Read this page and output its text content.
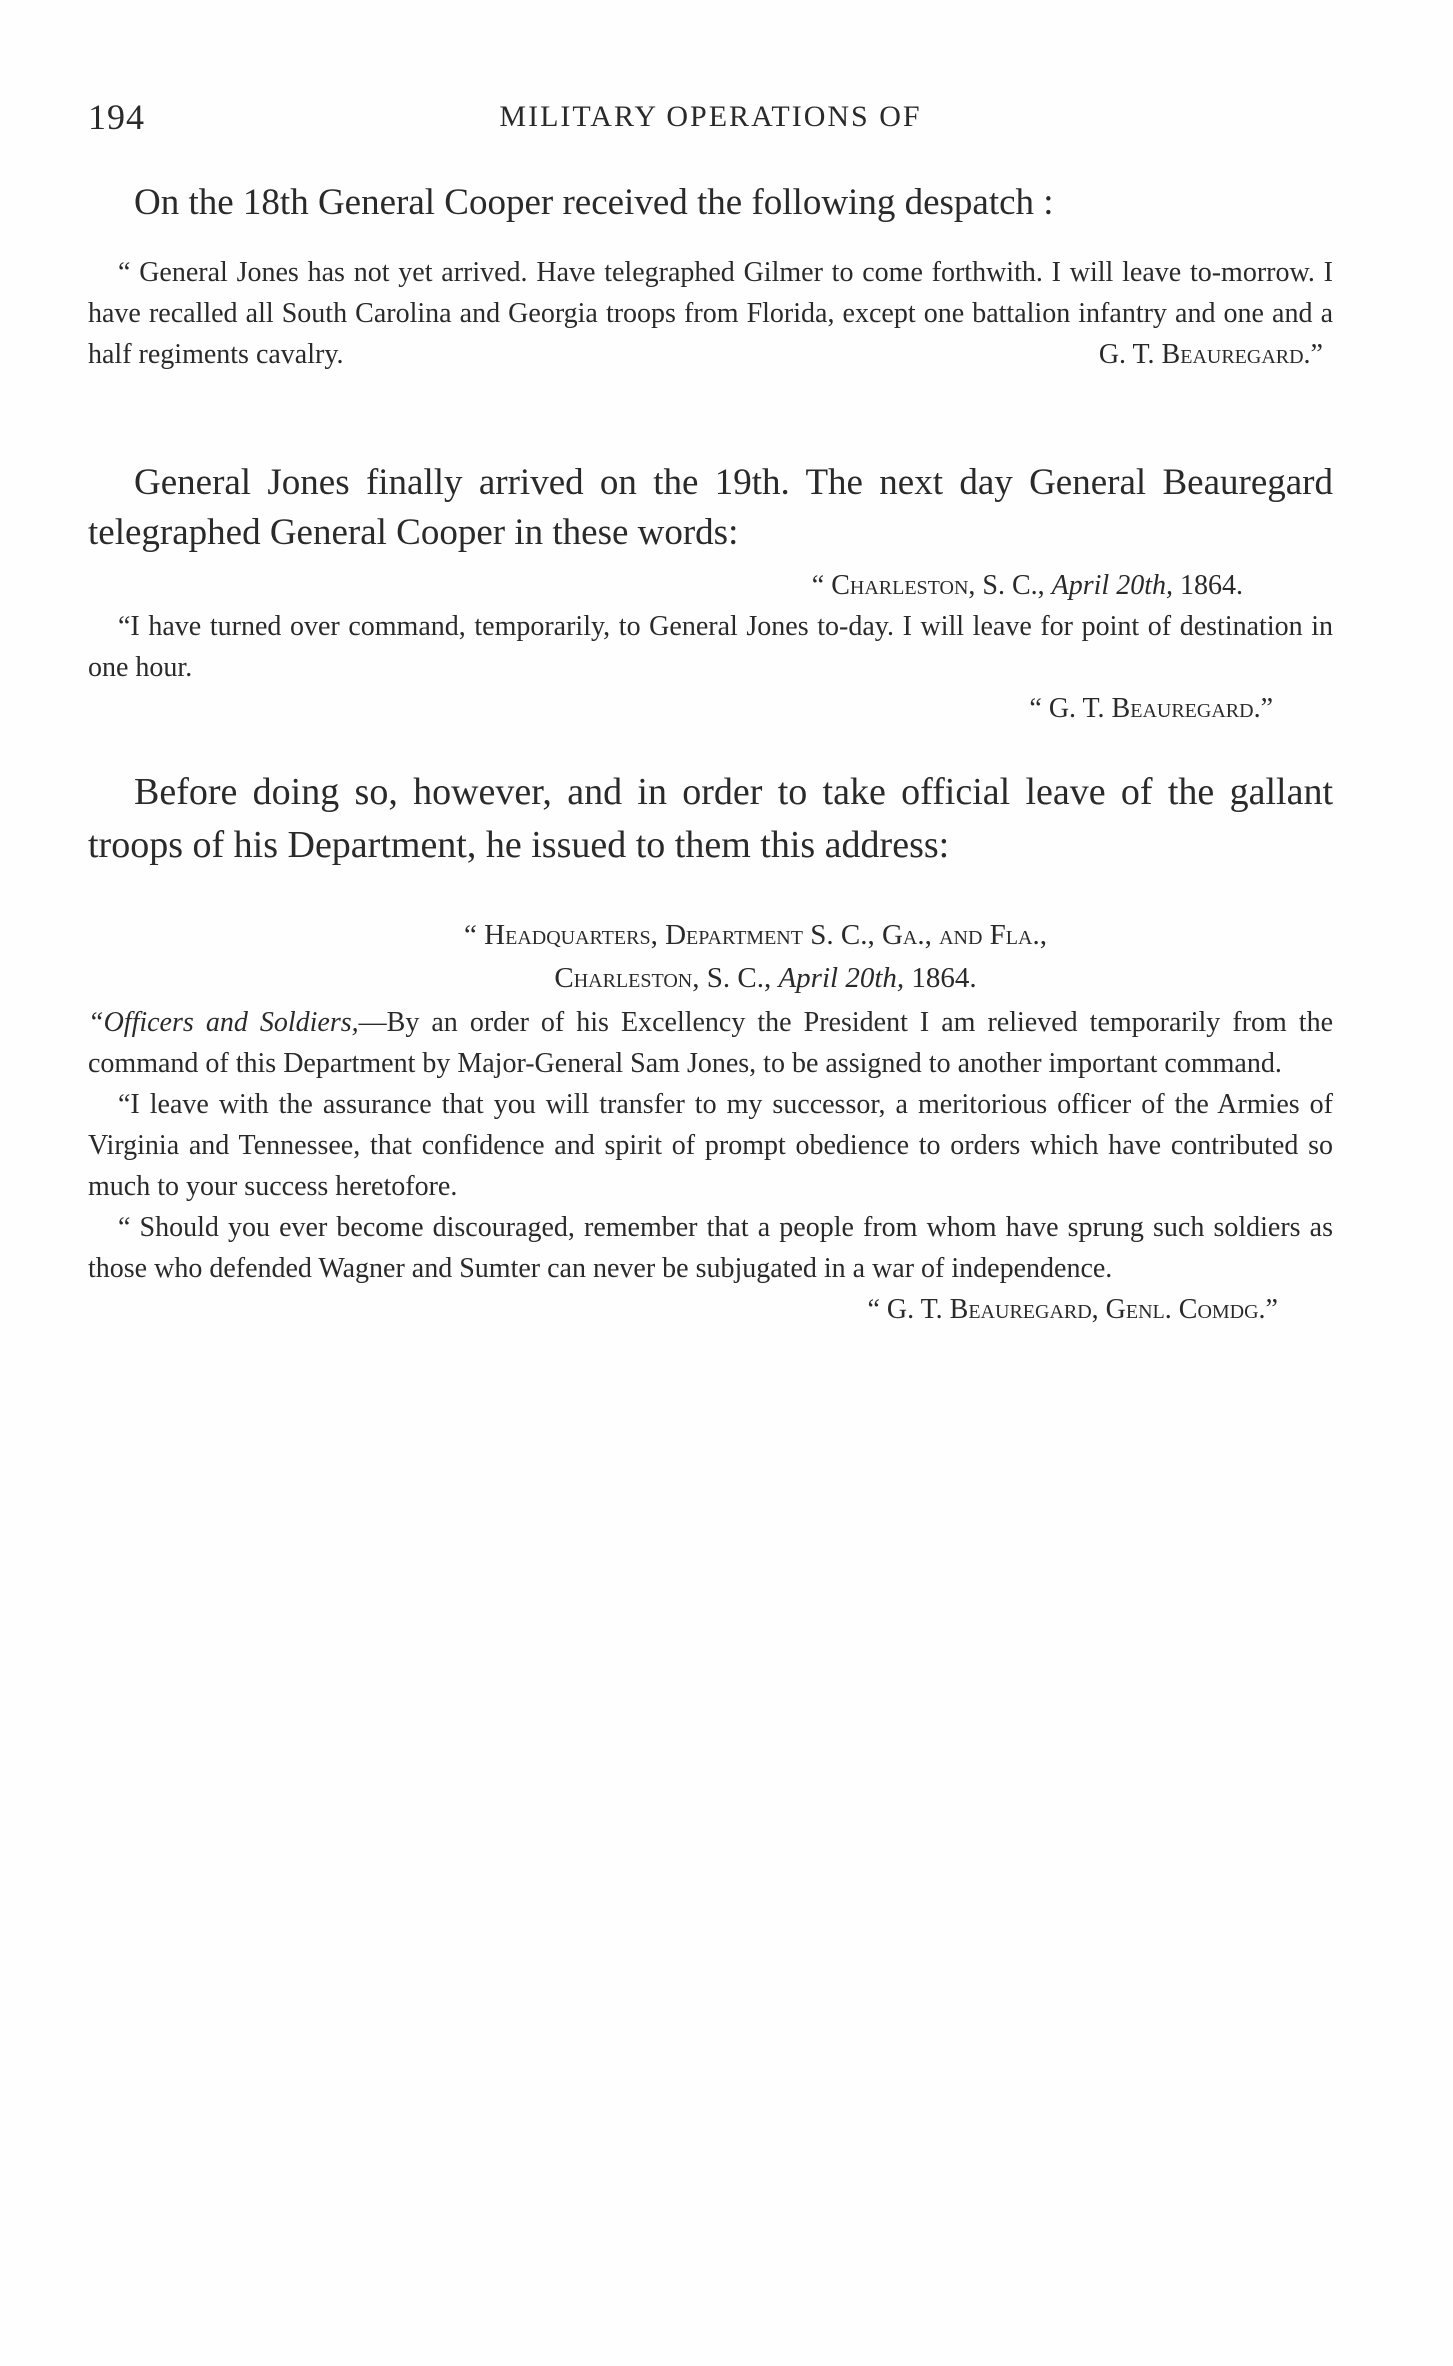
194	MILITARY OPERATIONS OF

On the 18th General Cooper received the following despatch :

“ General Jones has not yet arrived. Have telegraphed Gilmer to come forthwith. I will leave to-morrow. I have recalled all South Carolina and Georgia troops from Florida, except one battalion infantry and one and a

half regiments cavalry.	G. T. Beauregard.”

General Jones finally arrived on the 19th. The next day General Beauregard telegraphed General Cooper in these words:

“ Charleston, S. C., April 20th, 1864.

“I have turned over command, temporarily, to General Jones to-day. I will leave for point of destination in one hour.

“ G. T. Beauregard.”

Before doing so, however, and in order to take official leave of the gallant troops of his Department, he issued to them this address:

“ Headquarters, Department S. C., Ga., and Fla.,

Charleston, S. C., April 20th, 1864.

“Officers and Soldiers,—By an order of his Excellency the President I am relieved temporarily from the command of this Department by Major-General Sam Jones, to be assigned to another important command.

“I leave with the assurance that you will transfer to my successor, a meritorious officer of the Armies of Virginia and Tennessee, that confidence and spirit of prompt obedience to orders which have contributed so much to your success heretofore.

“ Should you ever become discouraged, remember that a people from whom have sprung such soldiers as those who defended Wagner and Sumter can never be subjugated in a war of independence.

“ G. T. Beauregard, Genl. Comdg.”
